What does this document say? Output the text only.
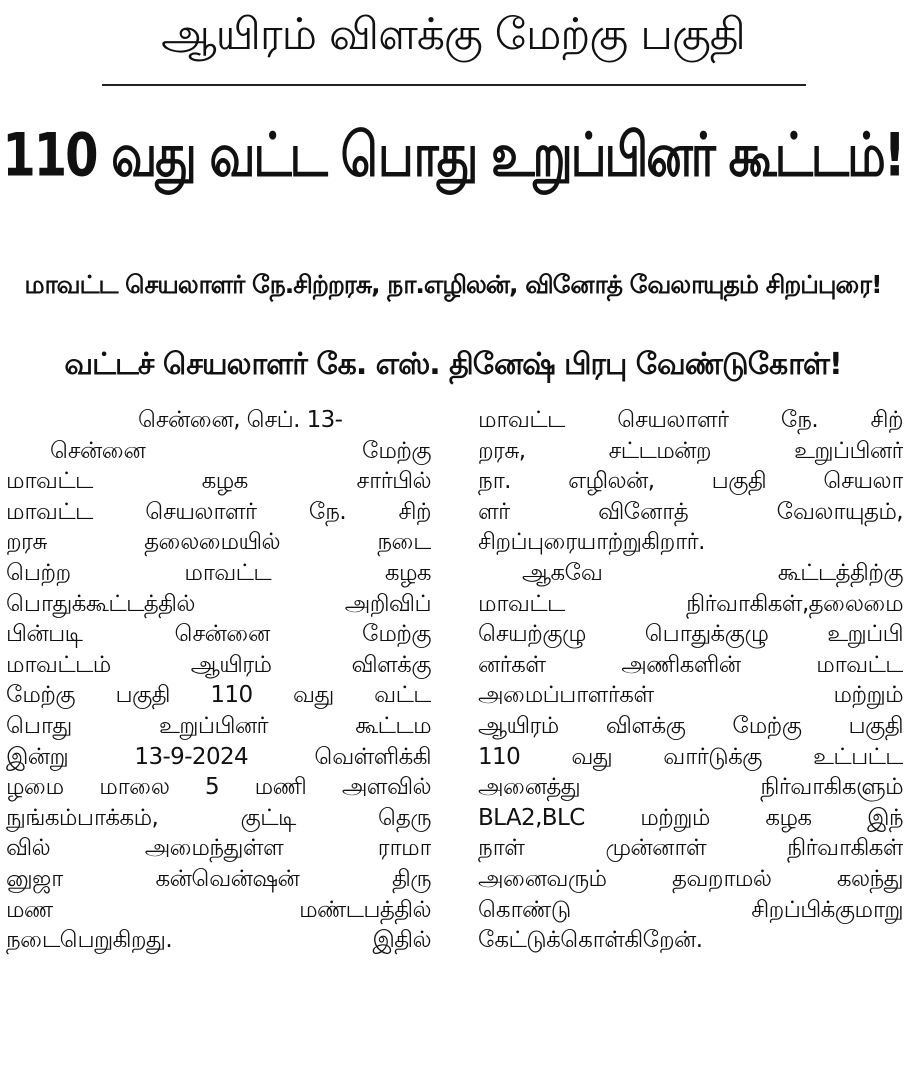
ஆயிரம் விளக்கு மேற்கு பகுதி
110 வது வட்ட பொது உறுப்பினர் கூட்டம்!
மாவட்ட செயலாளர் நே.சிற்றரசு, நா.எழிலன், வினோத் வேலாயுதம் சிறப்புரை!
வட்டச் செயலாளர் கே. எஸ். தினேஷ் பிரபு வேண்டுகோள்!
சென்னை, செப். 13-
சென்னை மேற்கு
மாவட்ட கழக சார்பில்
மாவட்ட செயலாளர் நே. சிற்
றரசு தலைமையில் நடை
பெற்ற மாவட்ட கழக
பொதுக்கூட்டத்தில் அறிவிப்
பின்படி சென்னை மேற்கு
மாவட்டம் ஆயிரம் விளக்கு
மேற்கு பகுதி 110 வது வட்ட
பொது உறுப்பினர் கூட்டம
இன்று 13-9-2024 வெள்ளிக்கி
ழமை மாலை 5 மணி அளவில்
நுங்கம்பாக்கம், குட்டி தெரு
வில் அமைந்துள்ள ராமா
னுஜா கன்வென்ஷன் திரு
மண மண்டபத்தில்
நடைபெறுகிறது. இதில்
மாவட்ட செயலாளர் நே. சிற்
றரசு, சட்டமன்ற உறுப்பினர்
நா. எழிலன், பகுதி செயலா
ளர் வினோத் வேலாயுதம்,
சிறப்புரையாற்றுகிறார்.
ஆகவே கூட்டத்திற்கு
மாவட்ட நிர்வாகிகள்,தலைமை
செயற்குழு பொதுக்குழு உறுப்பி
னர்கள் அணிகளின் மாவட்ட
அமைப்பாளர்கள் மற்றும்
ஆயிரம் விளக்கு மேற்கு பகுதி
110 வது வார்டுக்கு உட்பட்ட
அனைத்து நிர்வாகிகளும்
BLA2,BLC மற்றும் கழக இந்
நாள் முன்னாள் நிர்வாகிகள்
அனைவரும் தவறாமல் கலந்து
கொண்டு சிறப்பிக்குமாறு
கேட்டுக்கொள்கிறேன்.
